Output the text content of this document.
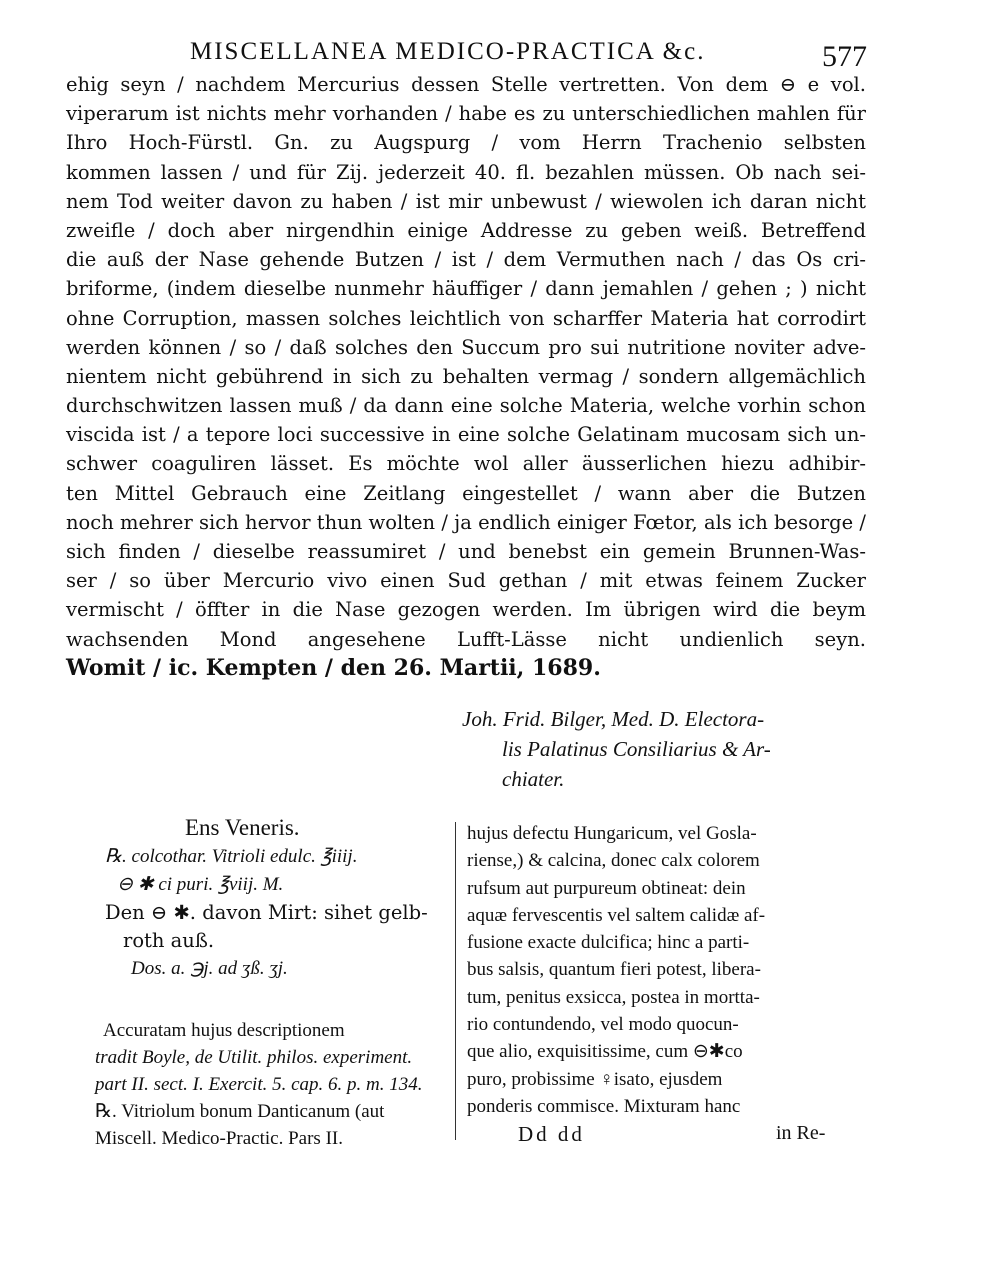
MISCELLANEA MEDICO-PRACTICA &c.	577
ehig seyn / nachdem Mercurius dessen Stelle vertretten. Von dem ⊖ e vol.
viperarum ist nichts mehr vorhanden / habe es zu unterschiedlichen mahlen für
Ihro Hoch-Fürstl. Gn. zu Augspurg / vom Herrn Trachenio selbsten
kommen lassen / und für Zij. jederzeit 40. fl. bezahlen müssen. Ob nach sei-
nem Tod weiter davon zu haben / ist mir unbewust / wiewolen ich daran nicht
zweifle / doch aber nirgendhin einige Addresse zu geben weiß. Betreffend
die auß der Nase gehende Butzen / ist / dem Vermuthen nach / das Os cri-
briforme, (indem dieselbe nunmehr häuffiger / dann jemahlen / gehen ; ) nicht
ohne Corruption, massen solches leichtlich von scharffer Materia hat corrodirt
werden können / so / daß solches den Succum pro sui nutritione noviter adve-
nientem nicht gebührend in sich zu behalten vermag / sondern allgemächlich
durchschwitzen lassen muß / da dann eine solche Materia, welche vorhin schon
viscida ist / a tepore loci successive in eine solche Gelatinam mucosam sich un-
schwer coaguliren lässet. Es möchte wol aller äusserlichen hiezu adhibir-
ten Mittel Gebrauch eine Zeitlang eingestellet / wann aber die Butzen
noch mehrer sich hervor thun wolten / ja endlich einiger Fœtor, als ich besorge /
sich finden / dieselbe reassumiret / und benebst ein gemein Brunnen-Was-
ser / so über Mercurio vivo einen Sud gethan / mit etwas feinem Zucker
vermischt / öffter in die Nase gezogen werden. Im übrigen wird die beym
wachsenden Mond angesehene Lufft-Lässe nicht undienlich seyn.
Womit / ic. Kempten / den 26. Martii, 1689.
Joh. Frid. Bilger, Med. D. Electora-
lis Palatinus Consiliarius & Ar-
chiater.
Ens Veneris.
℞. colcothar. Vitrioli edulc. ℥iiij.
⊖ ✱ ci puri. ℥viij. M.
Den ⊖ ✱. davon Mirt: sihet gelb-
roth auß.
Dos. a. ℈j. ad ʒß. ʒj.
Accuratam hujus descriptionem
tradit Boyle, de Utilit. philos. experiment.
part II. sect. I. Exercit. 5. cap. 6. p. m. 134.
℞. Vitriolum bonum Danticanum (aut
Miscell. Medico-Practic. Pars II.
hujus defectu Hungaricum, vel Gosla-
riense,) & calcina, donec calx colorem
rufsum aut purpureum obtineat: dein
aquæ fervescentis vel saltem calidæ af-
fusione exacte dulcifica; hinc a parti-
bus salsis, quantum fieri potest, libera-
tum, penitus exsicca, postea in mortta-
rio contundendo, vel modo quocun-
que alio, exquisitissime, cum ⊖✱co
puro, probissime ♀isato, ejusdem
ponderis commisce. Mixturam hanc
Dd dd	in Re-
